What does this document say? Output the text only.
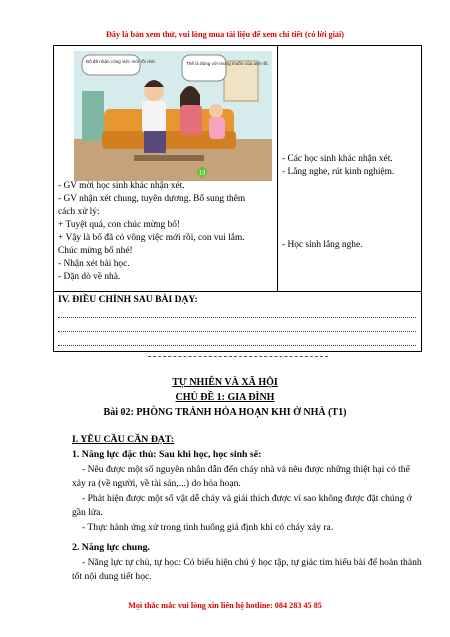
Đây là bản xem thử, vui lòng mua tài liệu để xem chi tiết (có lời giải)
13
Bố đã nhận công việc mới rồi nhé.	Thế là đúng với mong muốn của anh rồi.

- GV mời học sinh khác nhận xét.

- GV nhận xét chung, tuyên dương. Bổ sung thêm

cách xử lý:

+ Tuyệt quá, con chúc mừng bố!

+ Vậy là bố đã có vông việc mới rồi, con vui lắm.

Chúc mừng bố nhé!

- Nhận xét bài học.

- Dặn dò về nhà.

- Các học sinh khác nhận xét.

- Lắng nghe, rút kinh nghiệm.

- Học sinh lắng nghe.
IV. ĐIỀU CHỈNH SAU BÀI DẠY:
TỰ NHIÊN VÀ XÃ HỘI
CHỦ ĐỀ 1: GIA ĐÌNH
Bài 02: PHÒNG TRÁNH HỎA HOẠN KHI Ở NHÀ (T1)
I. YÊU CẦU CẦN ĐẠT:
1. Năng lực đặc thù: Sau khi học, học sinh sẽ:
- Nêu được một số nguyên nhân dẫn đến cháy nhà và nêu được những thiệt hại có thể xảy ra (về người, về tài sản,...) do hỏa hoạn.
- Phát hiện được một số vật dễ cháy và giải thích được vì sao không được đặt chúng ở gần lửa.
- Thực hành ứng xử trong tình huống giả định khi có cháy xảy ra.
2. Năng lực chung.
- Năng lực tự chủ, tự học: Có biểu hiện chú ý học tập, tự giác tìm hiểu bài để hoàn thành tốt nội dung tiết học.
Mọi thắc mắc vui lòng xin liên hệ hotline: 084 283 45 85
